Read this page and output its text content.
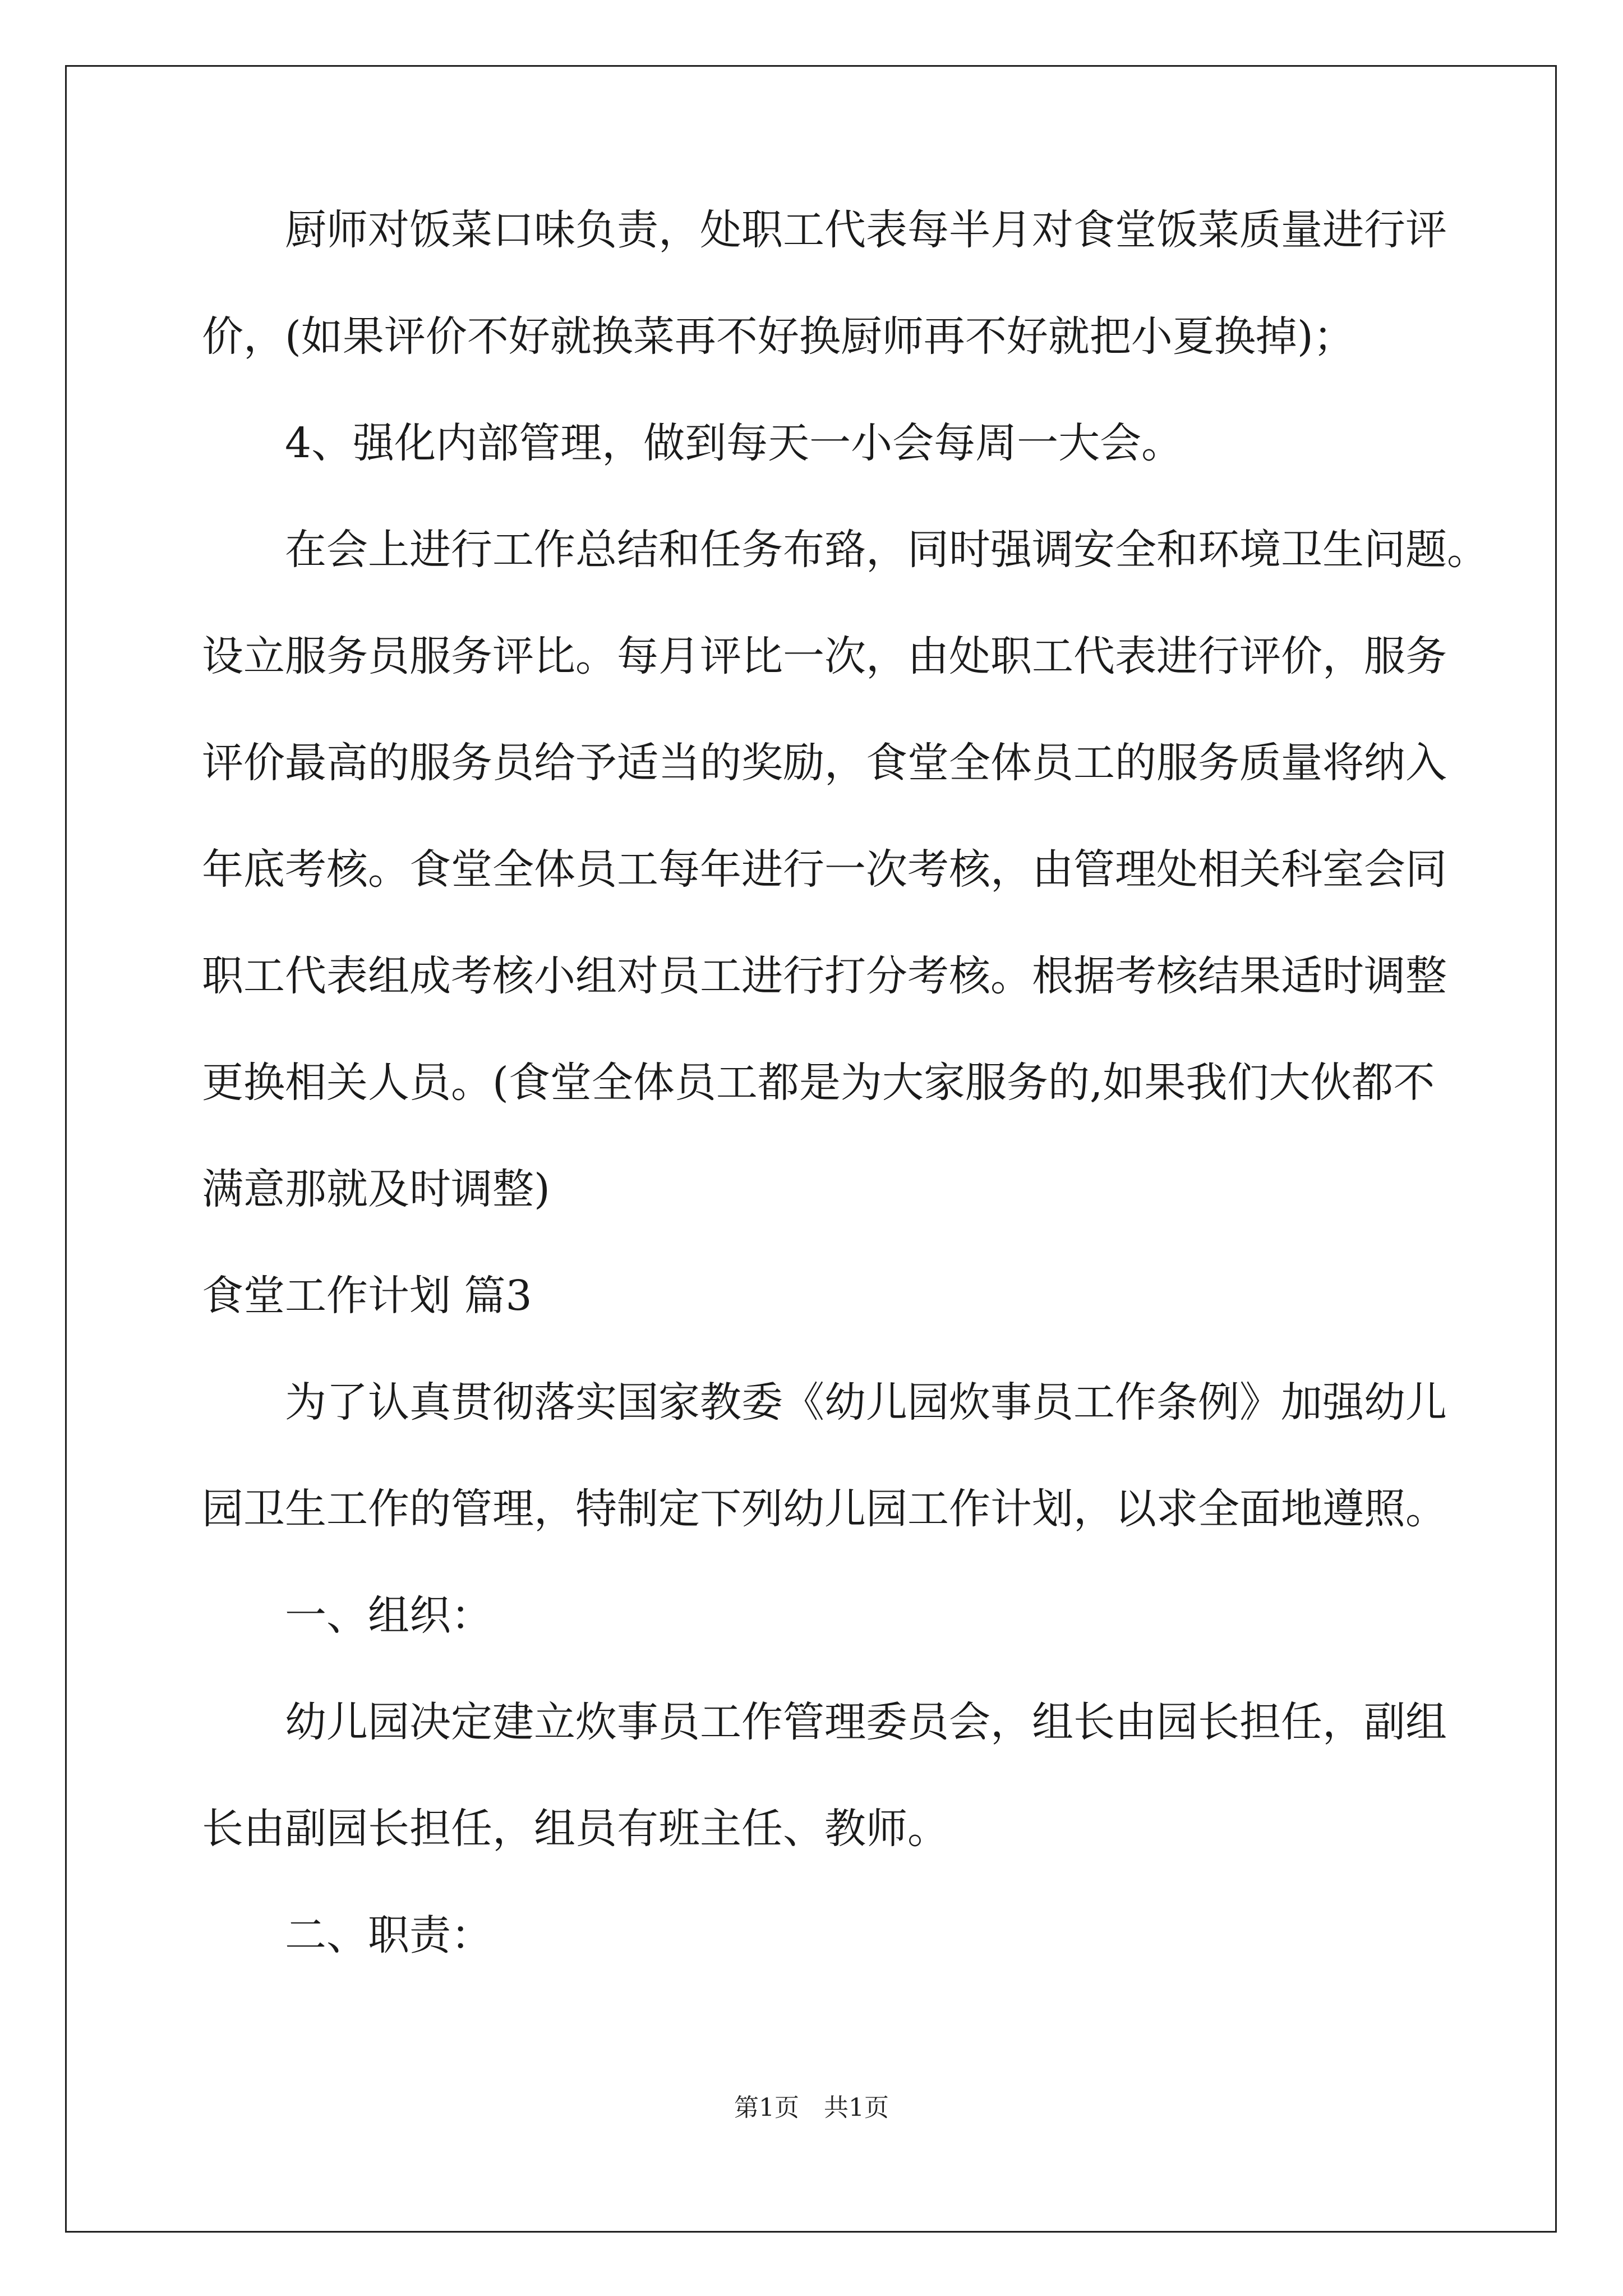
厨师对饭菜口味负责，处职工代表每半月对食堂饭菜质量进行评
价，(如果评价不好就换菜再不好换厨师再不好就把小夏换掉)；
4、强化内部管理，做到每天一小会每周一大会。
在会上进行工作总结和任务布臵，同时强调安全和环境卫生问题。
设立服务员服务评比。每月评比一次，由处职工代表进行评价，服务
评价最高的服务员给予适当的奖励，食堂全体员工的服务质量将纳入
年底考核。食堂全体员工每年进行一次考核，由管理处相关科室会同
职工代表组成考核小组对员工进行打分考核。根据考核结果适时调整
更换相关人员。(食堂全体员工都是为大家服务的,如果我们大伙都不
满意那就及时调整)
食堂工作计划 篇3
为了认真贯彻落实国家教委《幼儿园炊事员工作条例》加强幼儿
园卫生工作的管理，特制定下列幼儿园工作计划，以求全面地遵照。
一、组织：
幼儿园决定建立炊事员工作管理委员会，组长由园长担任，副组
长由副园长担任，组员有班主任、教师。
二、职责：
第1页　共1页
